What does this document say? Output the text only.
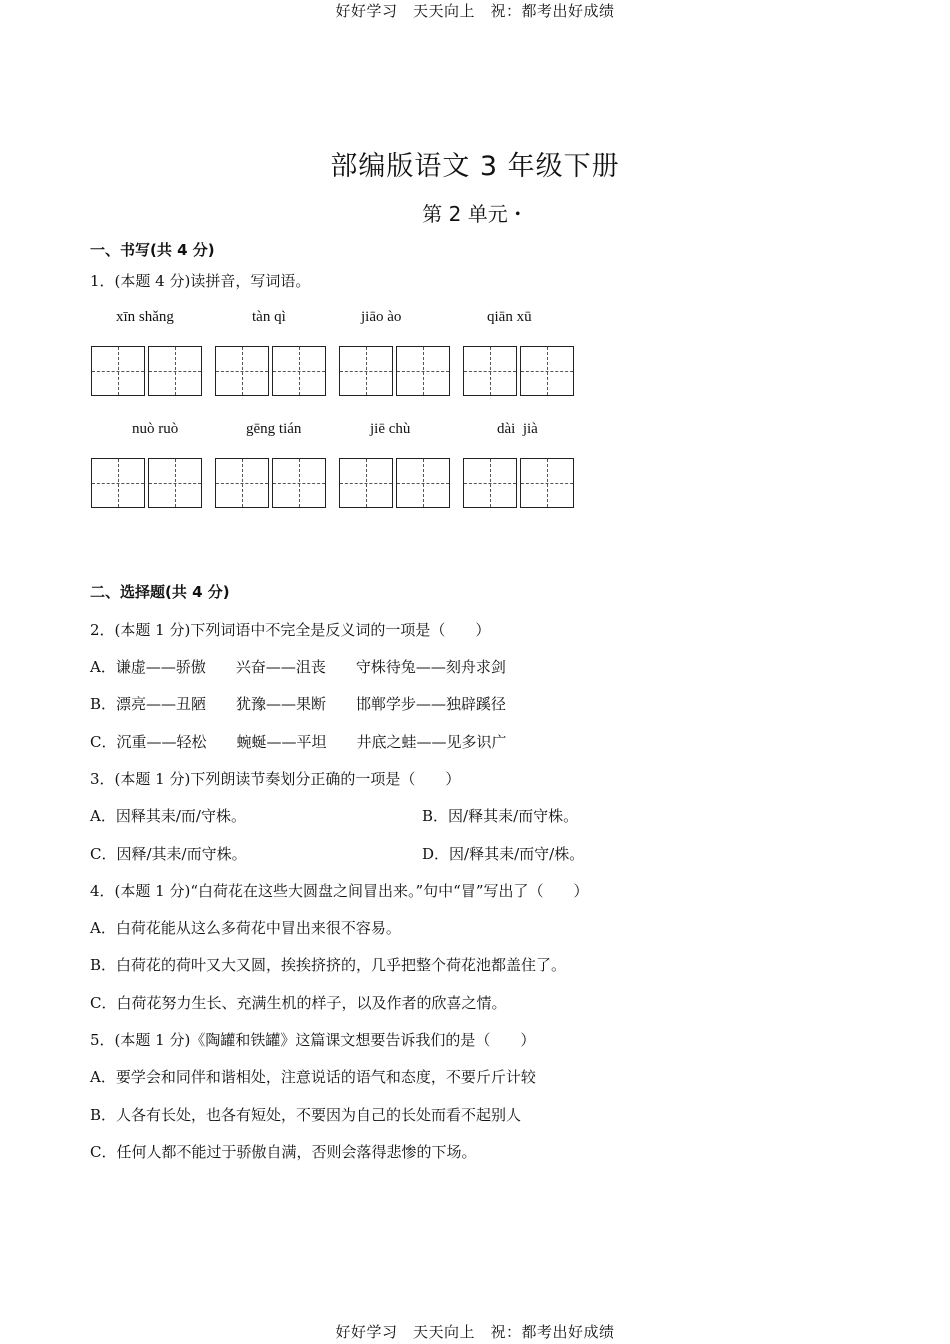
好好学习　天天向上　祝：都考出好成绩
部编版语文 3 年级下册
第 2 单元・
一、书写(共 4 分)
1．(本题 4 分)读拼音，写词语。
xīn shǎng	tàn qì	jiāo ào	qiān xū
nuò ruò	gēng tián	jiē chù	dài  jià
二、选择题(共 4 分)
2．(本题 1 分)下列词语中不完全是反义词的一项是（　　）
A．谦虚——骄傲　　兴奋——沮丧　　守株待兔——刻舟求剑
B．漂亮——丑陋　　犹豫——果断　　邯郸学步——独辟蹊径
C．沉重——轻松　　蜿蜒——平坦　　井底之蛙——见多识广
3．(本题 1 分)下列朗读节奏划分正确的一项是（　　）
A．因释其耒/而/守株。	B．因/释其耒/而守株。
C．因释/其耒/而守株。	D．因/释其耒/而守/株。
4．(本题 1 分)“白荷花在这些大圆盘之间冒出来。”句中“冒”写出了（　　）
A．白荷花能从这么多荷花中冒出来很不容易。
B．白荷花的荷叶又大又圆，挨挨挤挤的，几乎把整个荷花池都盖住了。
C．白荷花努力生长、充满生机的样子，以及作者的欣喜之情。
5．(本题 1 分)《陶罐和铁罐》这篇课文想要告诉我们的是（　　）
A．要学会和同伴和谐相处，注意说话的语气和态度，不要斤斤计较
B．人各有长处，也各有短处，不要因为自己的长处而看不起别人
C．任何人都不能过于骄傲自满，否则会落得悲惨的下场。
好好学习　天天向上　祝：都考出好成绩
